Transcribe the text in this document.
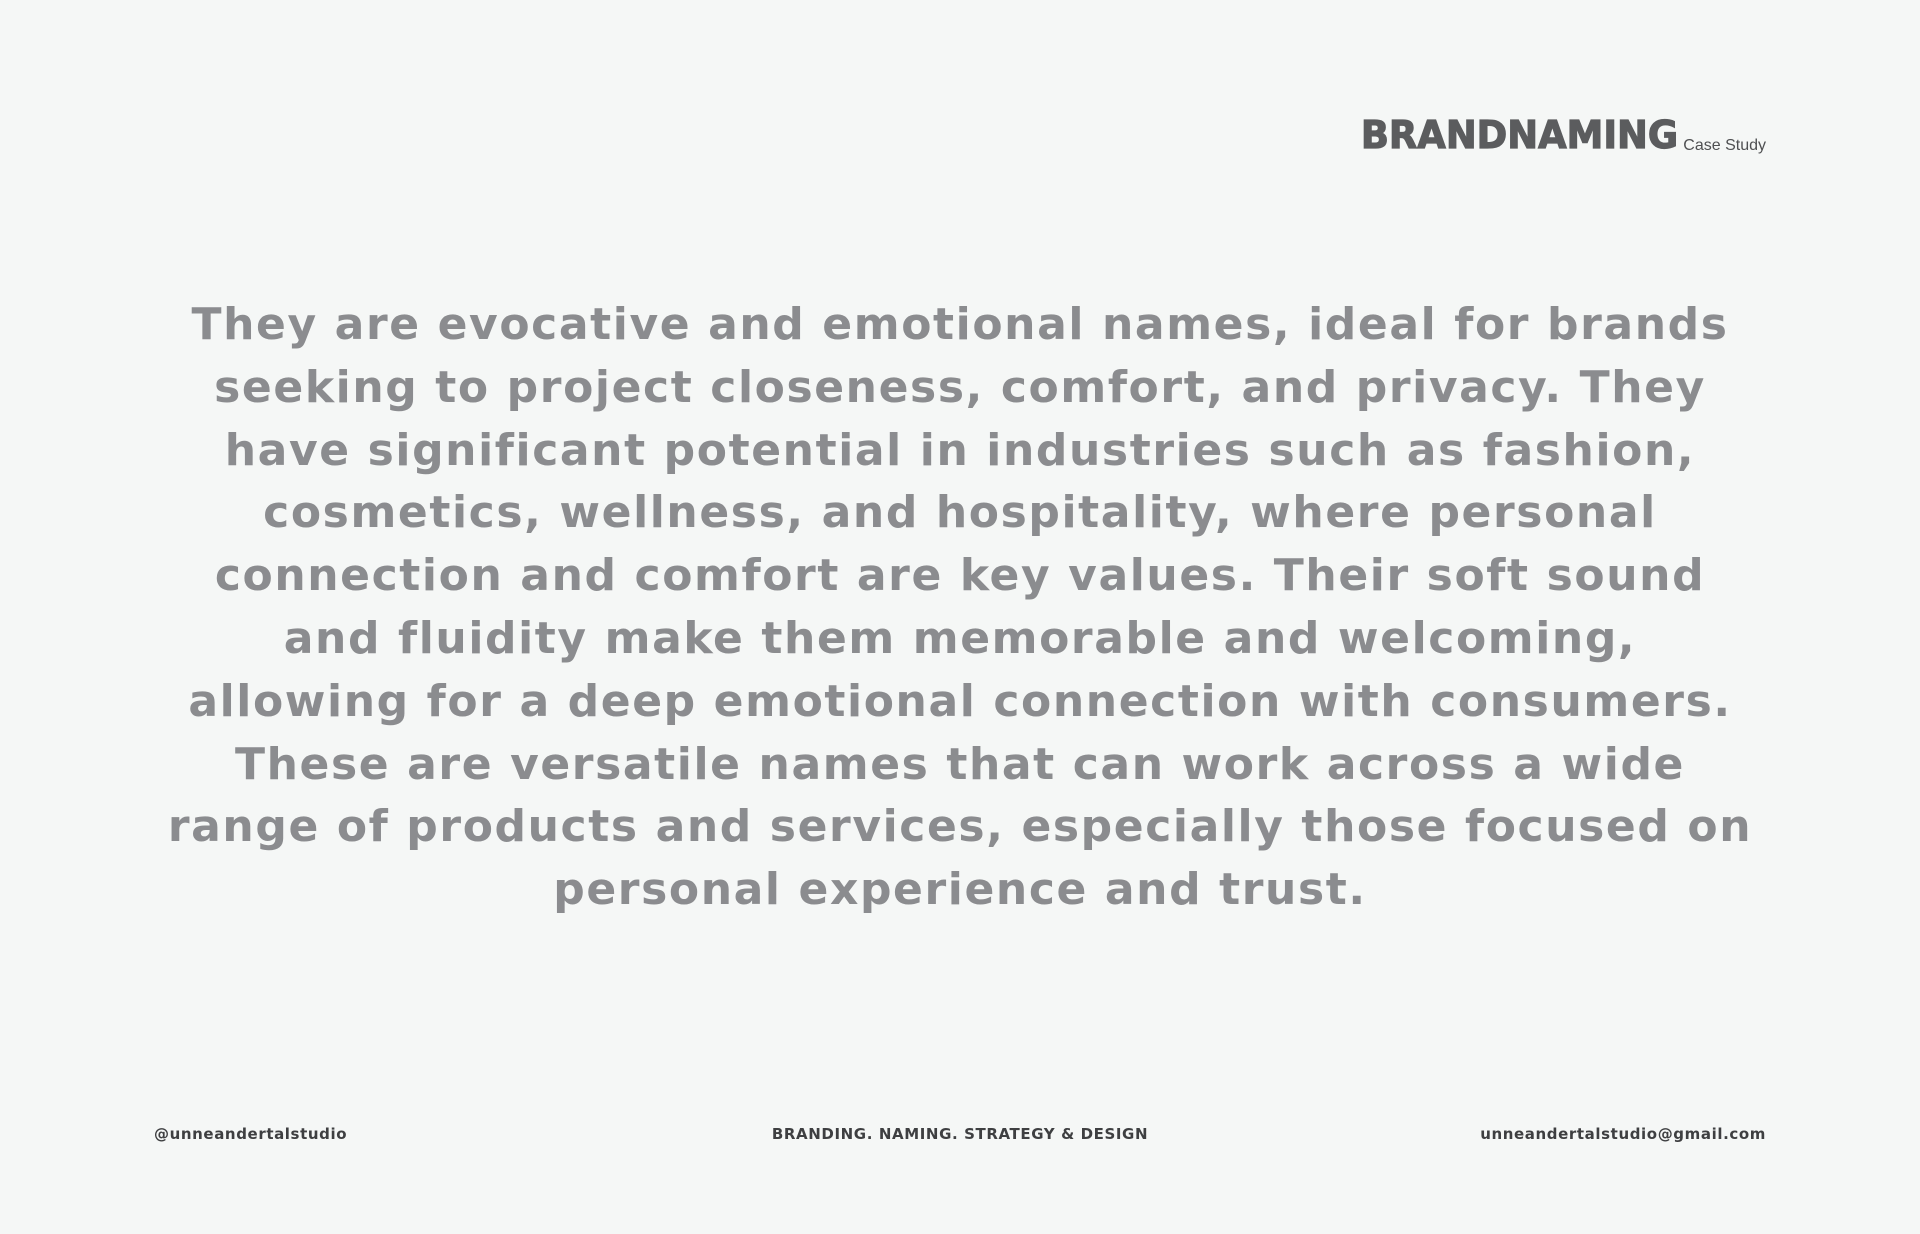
BRANDNAMING Case Study

They are evocative and emotional names, ideal for brands
seeking to project closeness, comfort, and privacy. They
have significant potential in industries such as fashion,
cosmetics, wellness, and hospitality, where personal
connection and comfort are key values. Their soft sound
and fluidity make them memorable and welcoming,
allowing for a deep emotional connection with consumers.
These are versatile names that can work across a wide
range of products and services, especially those focused on
personal experience and trust.

@unneandertalstudio	BRANDING. NAMING. STRATEGY & DESIGN	unneandertalstudio@gmail.com
